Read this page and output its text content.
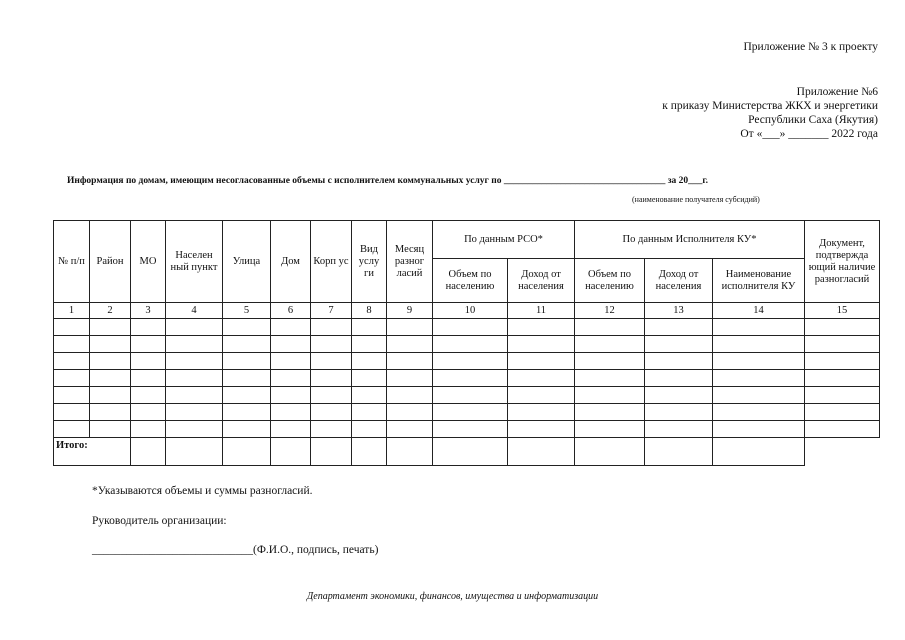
Приложение № 3 к проекту
Приложение №6
к приказу Министерства ЖКХ и энергетики
Республики Саха (Якутия)
От «___» _______ 2022 года
Информация по домам, имеющим несогласованные объемы с исполнителем коммунальных услуг по __________________________________ за 20___г.
(наименование получателя субсидий)
№ п/п	Район	МО	Населен ный пункт	Улица	Дом	Корп ус	Вид услу ги	Месяц разног ласий	По данным РСО*		По данным Исполнителя КУ*			Документ, подтвержда ющий наличие разногласий
									Объем по населению	Доход от населения	Объем по населению	Доход от населения	Наименование исполнителя КУ	
1	2	3	4	5	6	7	8	9	10	11	12	13	14	15

Итого:														
*Указываются объемы и суммы разногласий.
Руководитель организации:
____________________________(Ф.И.О., подпись, печать)
Департамент экономики, финансов, имущества и информатизации
